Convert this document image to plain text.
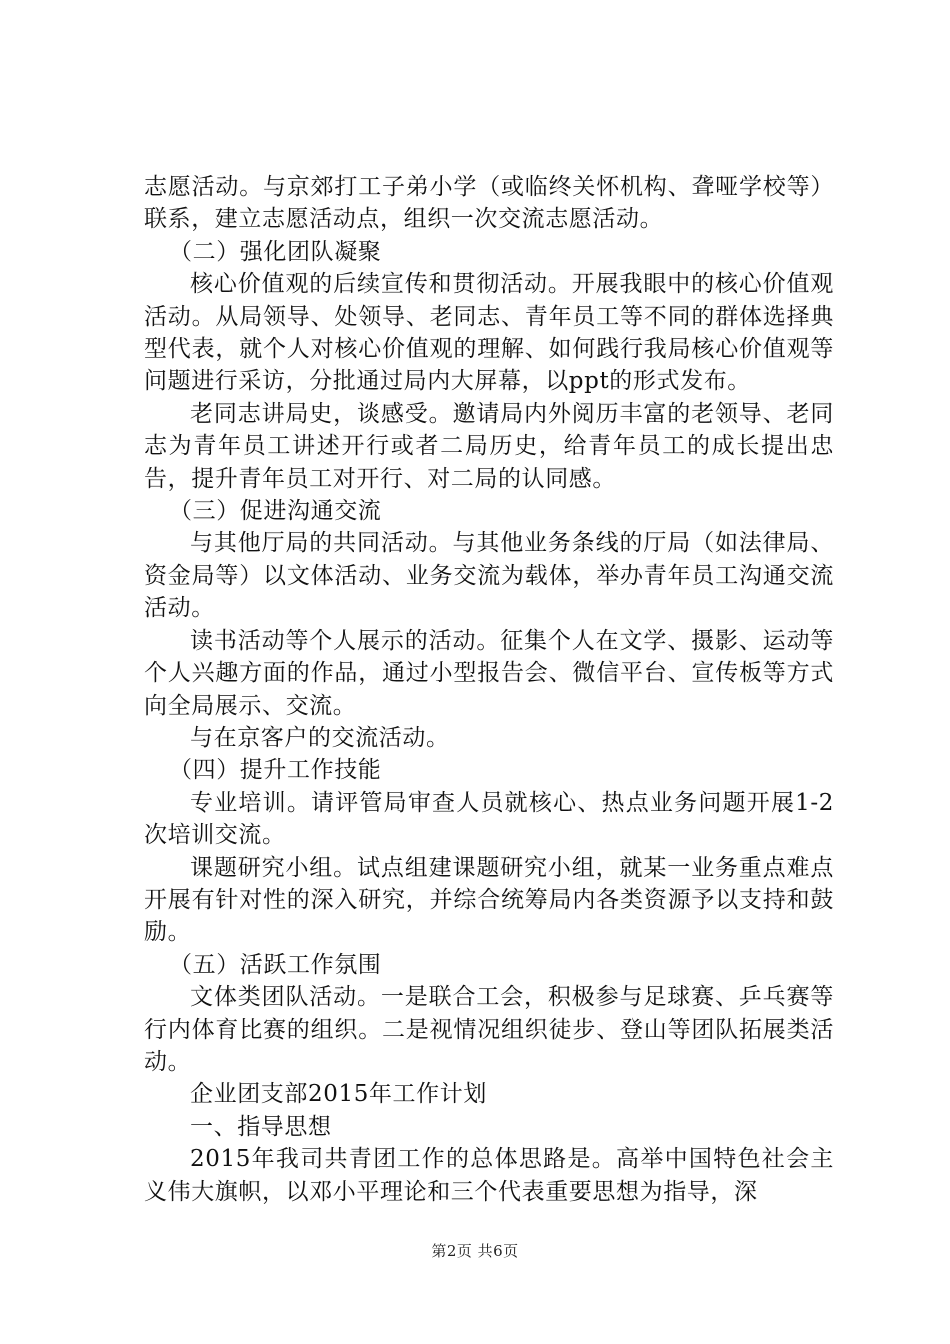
志愿活动。与京郊打工子弟小学（或临终关怀机构、聋哑学校等）联系，建立志愿活动点，组织一次交流志愿活动。

（二）强化团队凝聚

核心价值观的后续宣传和贯彻活动。开展我眼中的核心价值观活动。从局领导、处领导、老同志、青年员工等不同的群体选择典型代表，就个人对核心价值观的理解、如何践行我局核心价值观等问题进行采访，分批通过局内大屏幕，以ppt的形式发布。

老同志讲局史，谈感受。邀请局内外阅历丰富的老领导、老同志为青年员工讲述开行或者二局历史，给青年员工的成长提出忠告，提升青年员工对开行、对二局的认同感。

（三）促进沟通交流

与其他厅局的共同活动。与其他业务条线的厅局（如法律局、资金局等）以文体活动、业务交流为载体，举办青年员工沟通交流活动。

读书活动等个人展示的活动。征集个人在文学、摄影、运动等个人兴趣方面的作品，通过小型报告会、微信平台、宣传板等方式向全局展示、交流。

与在京客户的交流活动。

（四）提升工作技能

专业培训。请评管局审查人员就核心、热点业务问题开展1-2次培训交流。

课题研究小组。试点组建课题研究小组，就某一业务重点难点开展有针对性的深入研究，并综合统筹局内各类资源予以支持和鼓励。

（五）活跃工作氛围

文体类团队活动。一是联合工会，积极参与足球赛、乒乓赛等行内体育比赛的组织。二是视情况组织徒步、登山等团队拓展类活动。

企业团支部2015年工作计划

一、指导思想

2015年我司共青团工作的总体思路是。高举中国特色社会主义伟大旗帜，以邓小平理论和三个代表重要思想为指导，深

第2页 共6页
